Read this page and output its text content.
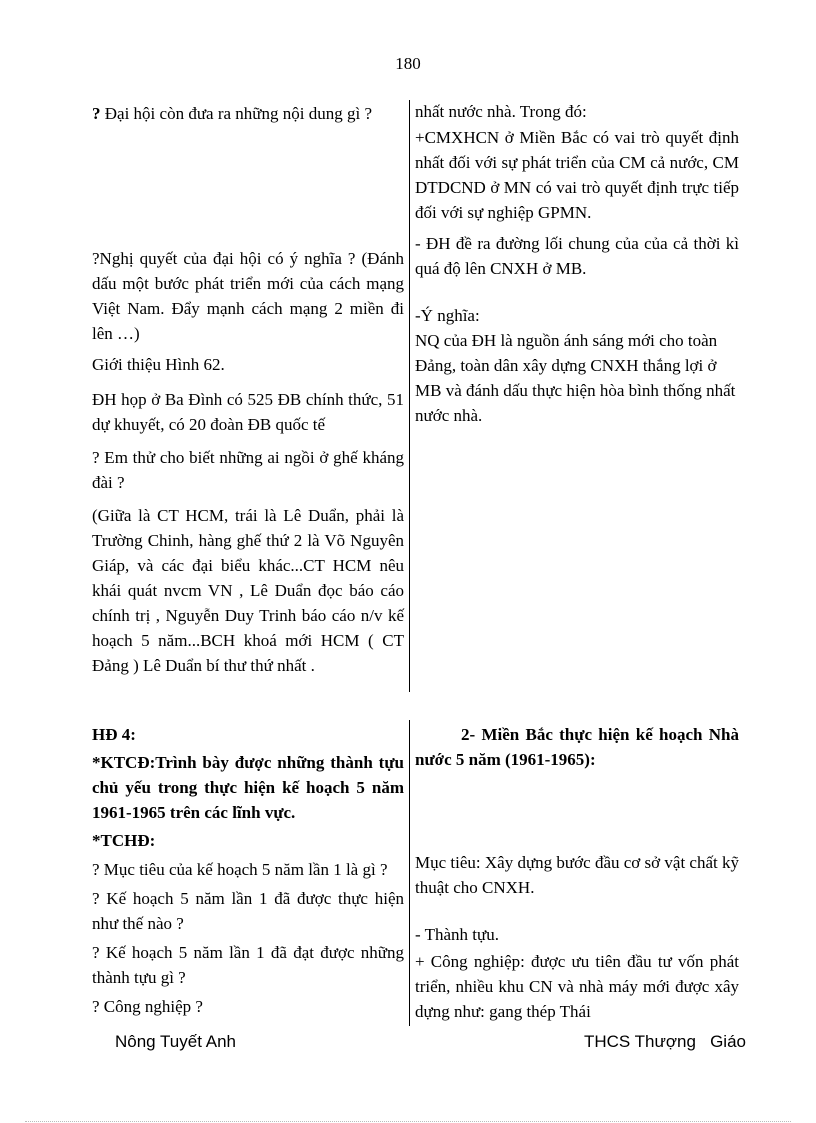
180

? Đại hội còn đưa ra những nội dung gì ?

?Nghị quyết của đại hội có ý nghĩa ? (Đánh dấu một bước phát triển mới của cách mạng Việt Nam. Đẩy mạnh cách mạng 2 miền đi lên …)

Giới thiệu Hình 62.

ĐH họp ở Ba Đình có 525 ĐB chính thức, 51 dự khuyết, có 20 đoàn ĐB quốc tế

? Em thử cho biết những ai ngồi ở ghế kháng đài ?

(Giữa là CT HCM, trái là Lê Duẩn, phải là Trường Chinh, hàng ghế thứ 2 là Võ Nguyên Giáp, và các đại biểu khác...CT HCM nêu khái quát nvcm VN , Lê Duẩn đọc báo cáo chính trị , Nguyễn Duy Trinh báo cáo n/v kế hoạch 5 năm...BCH khoá mới HCM ( CT Đảng ) Lê Duẩn bí thư thứ nhất .

nhất nước nhà. Trong đó:

+CMXHCN ở Miền Bắc có vai trò quyết định nhất đối với sự phát triển của CM cả nước, CM DTDCND ở MN có vai trò quyết định trực tiếp đối với sự nghiệp GPMN.

- ĐH đề ra đường lối chung của của cả thời kì quá độ lên CNXH ở MB.

-Ý nghĩa:

NQ của ĐH là nguồn ánh sáng mới cho toàn Đảng, toàn dân xây dựng CNXH thắng lợi ở MB và đánh dấu thực hiện hòa bình thống nhất nước nhà.

HĐ 4:

*KTCĐ:Trình bày được những thành tựu chủ yếu trong thực hiện kế hoạch 5 năm 1961-1965 trên các lĩnh vực.

*TCHĐ:

? Mục tiêu của kế hoạch 5 năm lần 1 là gì ?

? Kế hoạch 5 năm lần 1 đã được thực hiện như thế nào ?

? Kế hoạch 5 năm lần 1 đã đạt được những thành tựu gì ?

? Công nghiệp ?

2- Miền Bắc thực hiện kế hoạch Nhà nước 5 năm (1961-1965):

Mục tiêu: Xây dựng bước đầu cơ sở vật chất kỹ thuật cho CNXH.

- Thành tựu.

+ Công nghiệp: được ưu tiên đầu tư vốn phát triển, nhiều khu CN và nhà máy mới được xây dựng như: gang thép Thái

Nông Tuyết Anh	THCS Thượng   Giáo
